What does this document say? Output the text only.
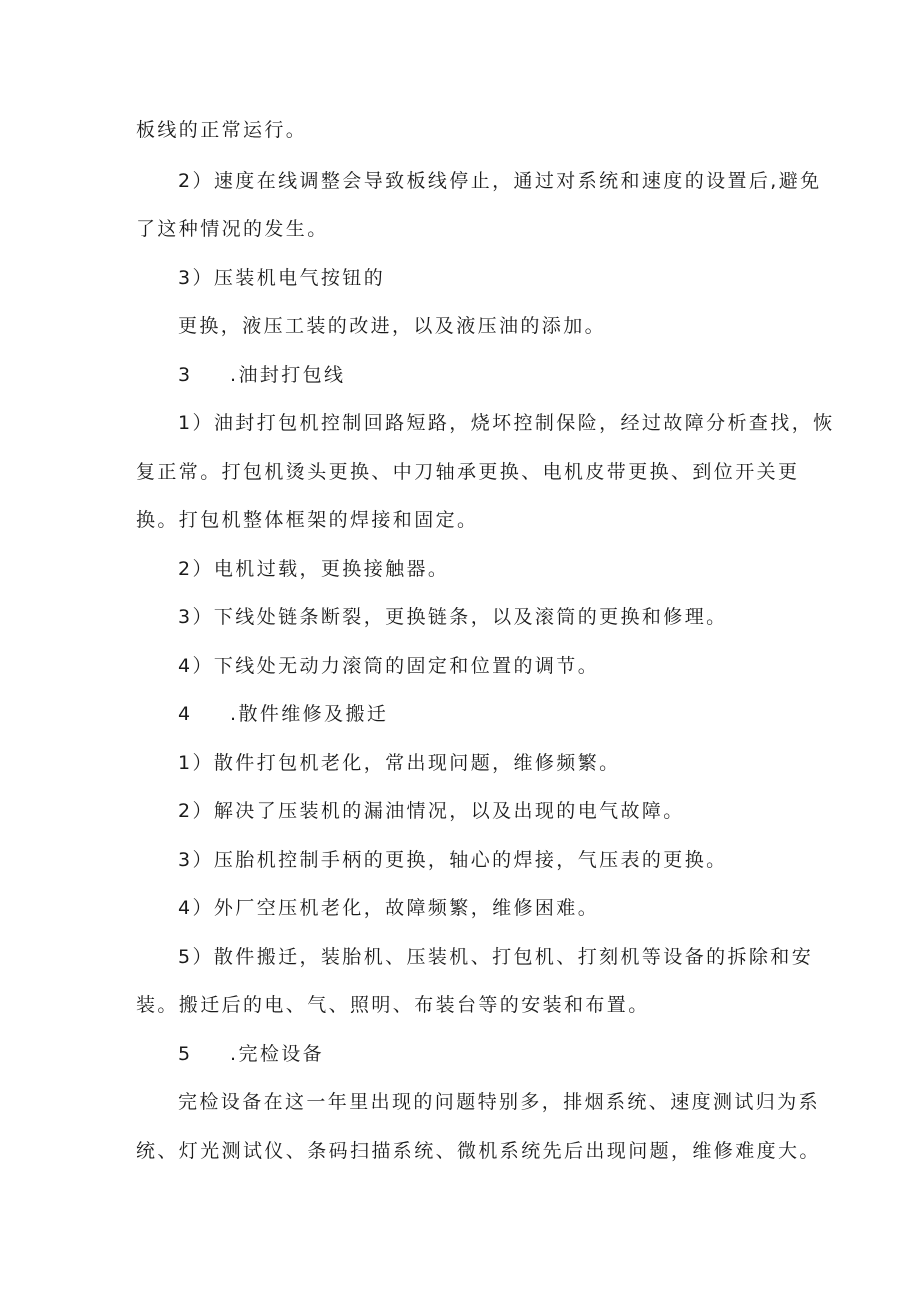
板线的正常运行。
2）速度在线调整会导致板线停止，通过对系统和速度的设置后,避免
了这种情况的发生。
3）压装机电气按钮的
更换，液压工装的改进，以及液压油的添加。
3 .油封打包线
1）油封打包机控制回路短路，烧坏控制保险，经过故障分析查找，恢
复正常。打包机烫头更换、中刀轴承更换、电机皮带更换、到位开关更
换。打包机整体框架的焊接和固定。
2）电机过载，更换接触器。
3）下线处链条断裂，更换链条，以及滚筒的更换和修理。
4）下线处无动力滚筒的固定和位置的调节。
4 .散件维修及搬迁
1）散件打包机老化，常出现问题，维修频繁。
2）解决了压装机的漏油情况，以及出现的电气故障。
3）压胎机控制手柄的更换，轴心的焊接，气压表的更换。
4）外厂空压机老化，故障频繁，维修困难。
5）散件搬迁，装胎机、压装机、打包机、打刻机等设备的拆除和安
装。搬迁后的电、气、照明、布装台等的安装和布置。
5 .完检设备
完检设备在这一年里出现的问题特别多，排烟系统、速度测试归为系
统、灯光测试仪、条码扫描系统、微机系统先后出现问题，维修难度大。
